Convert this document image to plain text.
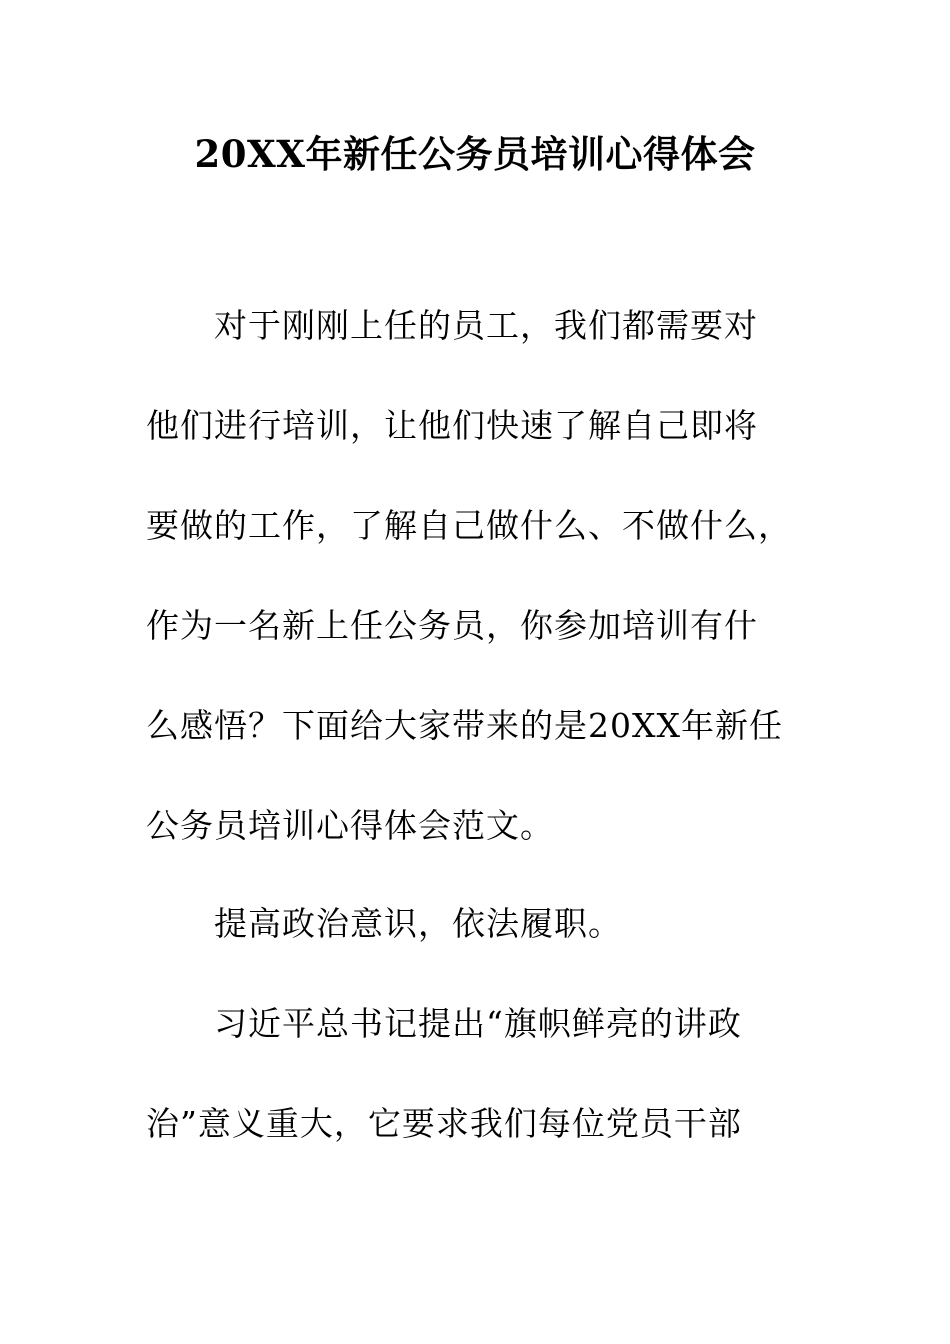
20XX年新任公务员培训心得体会
对于刚刚上任的员工，我们都需要对
他们进行培训，让他们快速了解自己即将
要做的工作，了解自己做什么、不做什么，
作为一名新上任公务员，你参加培训有什
么感悟？下面给大家带来的是20XX年新任
公务员培训心得体会范文。
提高政治意识，依法履职。
习近平总书记提出“旗帜鲜亮的讲政
治”意义重大，它要求我们每位党员干部
